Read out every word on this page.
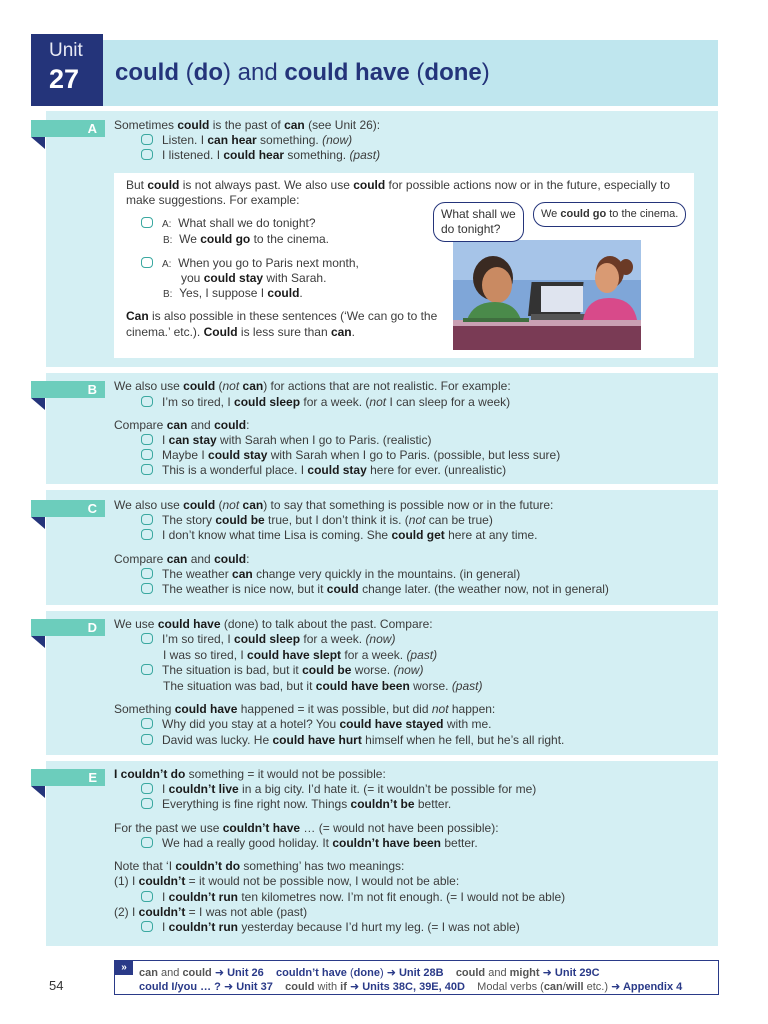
Unit
27 could (do) and could have (done)
A	Sometimes could is the past of can (see Unit 26):
Listen. I can hear something. (now)
I listened. I could hear something. (past)
But could is not always past. We also use could for possible actions now or in the future, especially to
make suggestions. For example:
A:  What shall we do tonight?
B:  We could go to the cinema.
A:  When you go to Paris next month,
you could stay with Sarah.
B:  Yes, I suppose I could.
Can is also possible in these sentences (‘We can go to the
cinema.’ etc.). Could is less sure than can.
What shall we
do tonight?
We could go to the cinema.
B	We also use could (not can) for actions that are not realistic. For example:
I’m so tired, I could sleep for a week. (not I can sleep for a week)
Compare can and could:
I can stay with Sarah when I go to Paris. (realistic)
Maybe I could stay with Sarah when I go to Paris. (possible, but less sure)
This is a wonderful place. I could stay here for ever. (unrealistic)
C	We also use could (not can) to say that something is possible now or in the future:
The story could be true, but I don’t think it is. (not can be true)
I don’t know what time Lisa is coming. She could get here at any time.
Compare can and could:
The weather can change very quickly in the mountains. (in general)
The weather is nice now, but it could change later. (the weather now, not in general)
D	We use could have (done) to talk about the past. Compare:
I’m so tired, I could sleep for a week. (now)
I was so tired, I could have slept for a week. (past)
The situation is bad, but it could be worse. (now)
The situation was bad, but it could have been worse. (past)
Something could have happened = it was possible, but did not happen:
Why did you stay at a hotel? You could have stayed with me.
David was lucky. He could have hurt himself when he fell, but he’s all right.
E	I couldn’t do something = it would not be possible:
I couldn’t live in a big city. I’d hate it. (= it wouldn’t be possible for me)
Everything is fine right now. Things couldn’t be better.
For the past we use couldn’t have … (= would not have been possible):
We had a really good holiday. It couldn’t have been better.
Note that ‘I couldn’t do something’ has two meanings:
(1) I couldn’t = it would not be possible now, I would not be able:
I couldn’t run ten kilometres now. I’m not fit enough. (= I would not be able)
(2) I couldn’t = I was not able (past)
I couldn’t run yesterday because I’d hurt my leg. (= I was not able)
»	can and could ➜ Unit 26 couldn’t have (done) ➜ Unit 28B could and might ➜ Unit 29C
could I/you … ? ➜ Unit 37 could with if ➜ Units 38C, 39E, 40D Modal verbs (can/will etc.) ➜ Appendix 4
54
